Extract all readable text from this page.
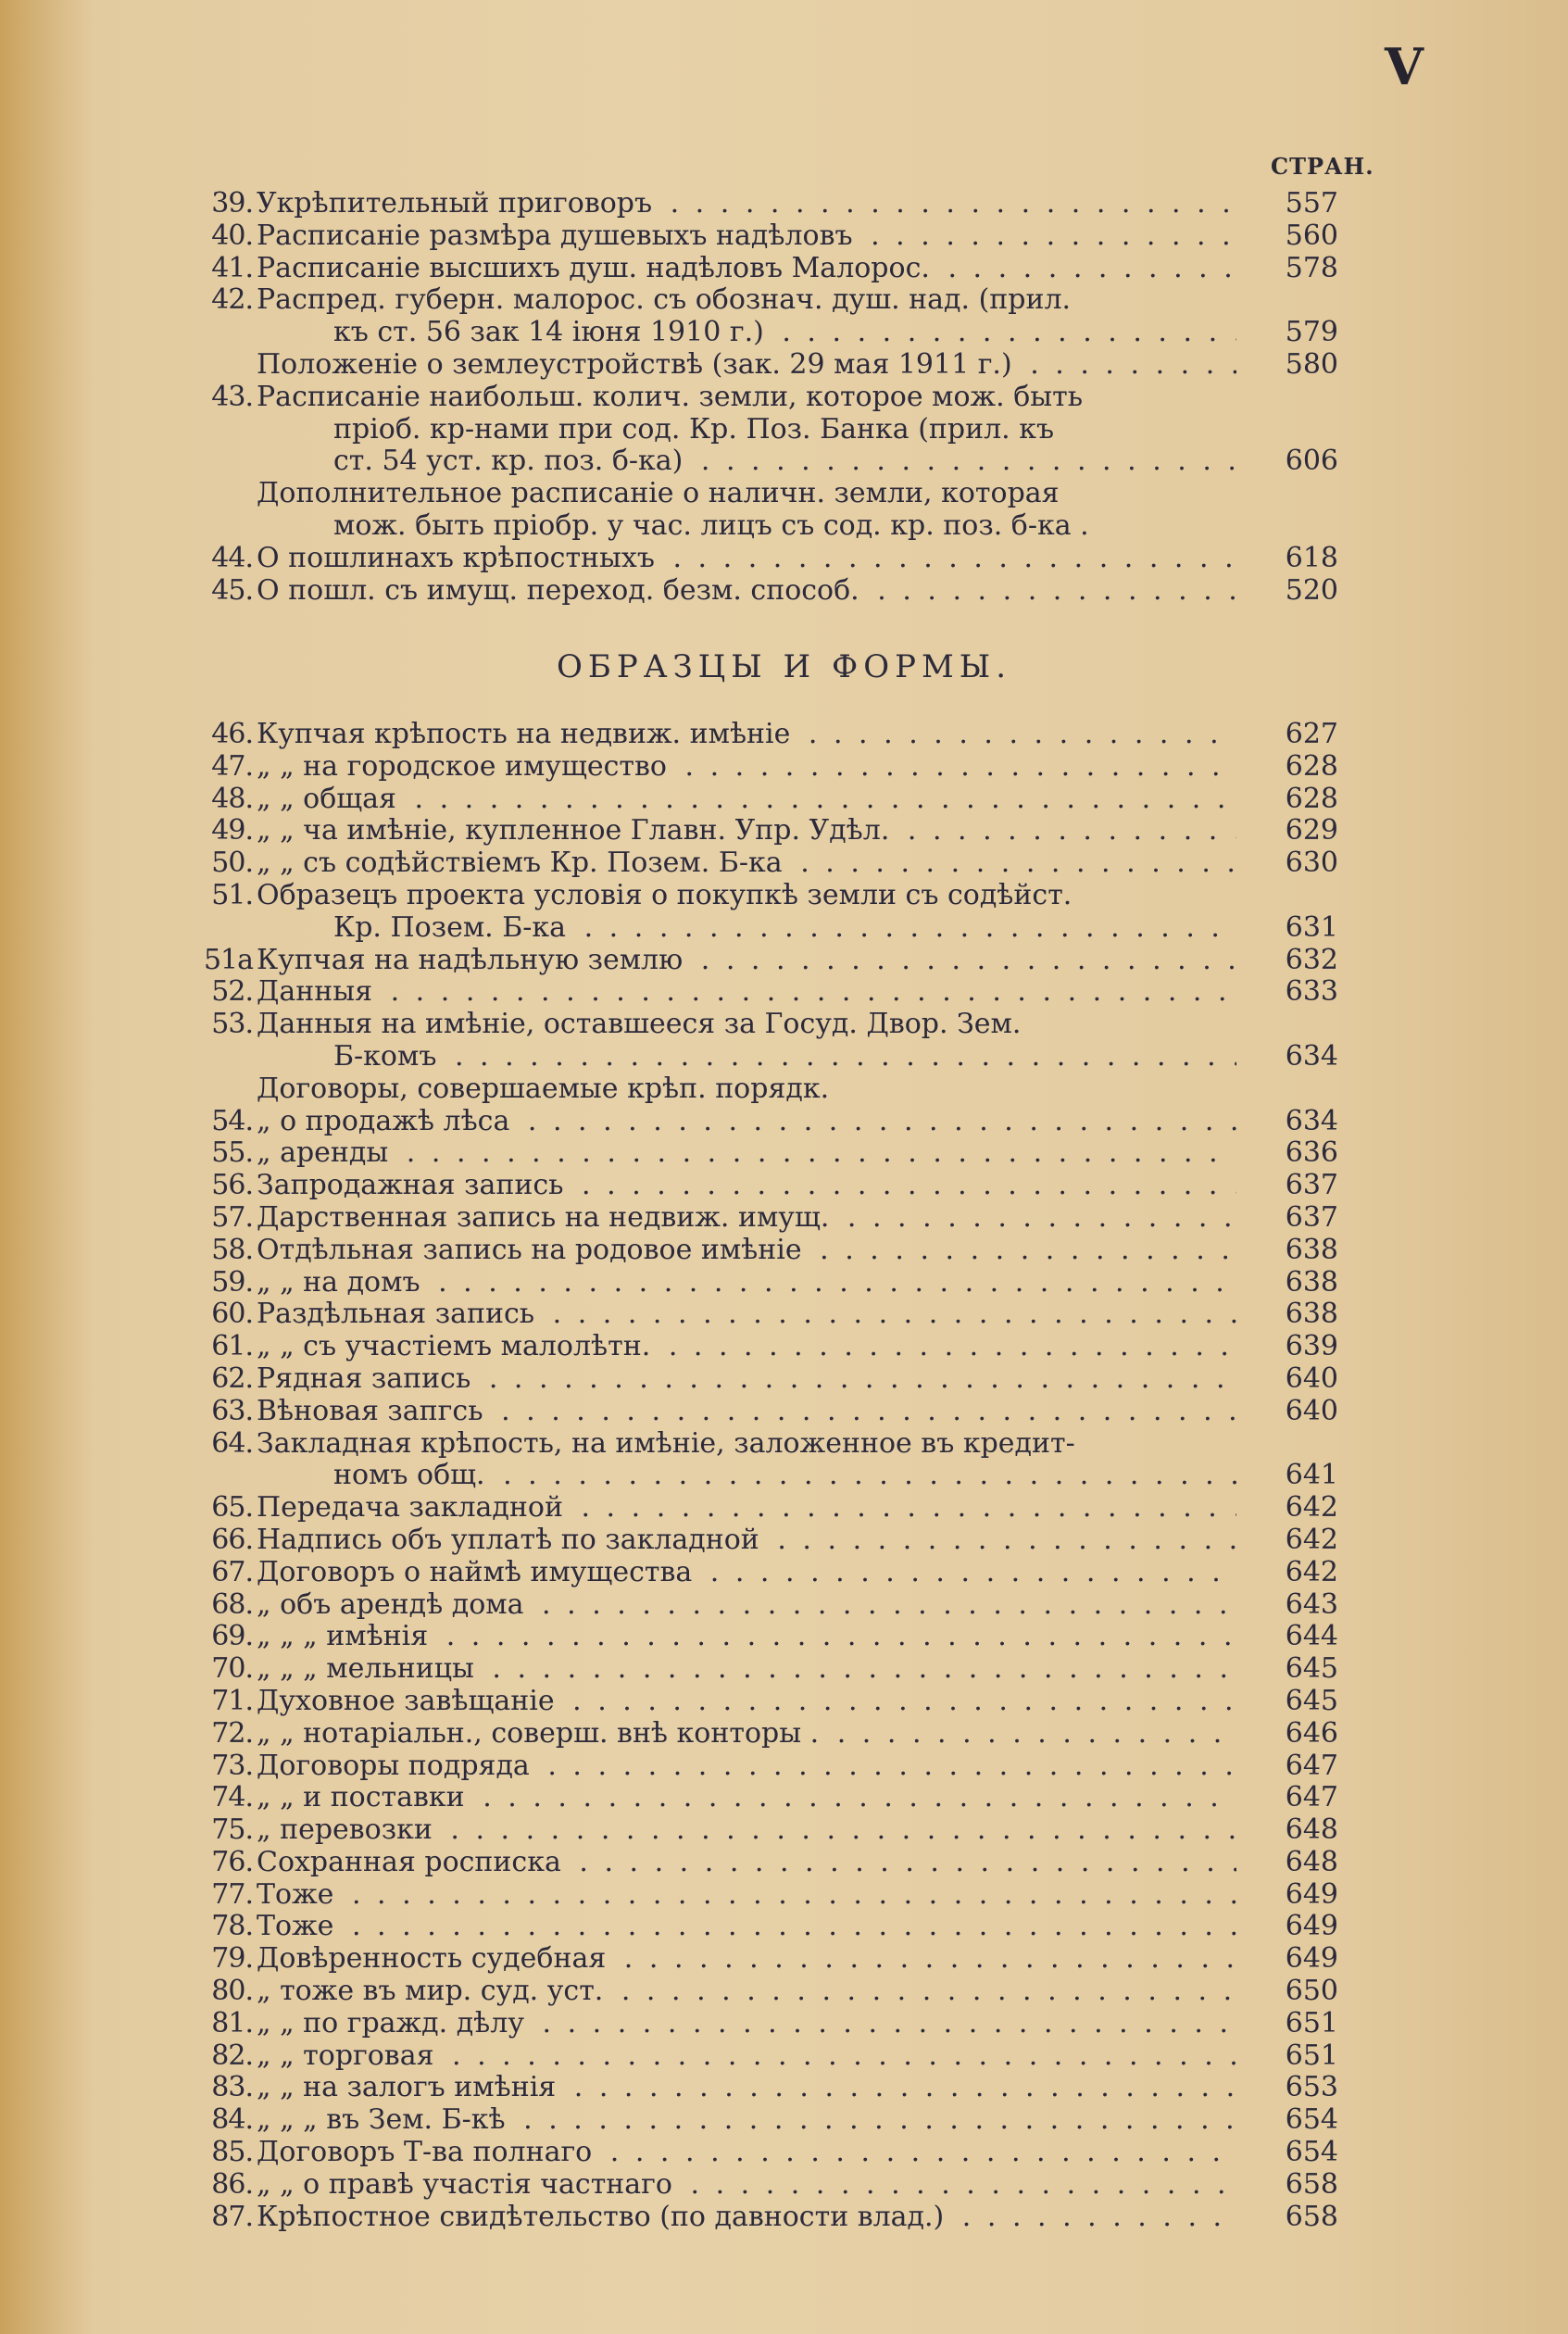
V
СТРАН.
39. Укрѣпительный приговоръ . . .	557
40. Расписаніе размѣра душевыхъ надѣловъ . . .	560
41. Расписаніе высшихъ душ. надѣловъ Малорос. . . .	578
42. Распред. губерн. малорос. съ обознач. душ. над. (прил.
къ ст. 56 зак 14 іюня 1910 г.) . . .	579
Положеніе о землеустройствѣ (зак. 29 мая 1911 г.) . . .	580
43. Расписаніе наибольш. колич. земли, которое мож. быть
пріоб. кр-нами при сод. Кр. Поз. Банка (прил. къ
ст. 54 уст. кр. поз. б-ка) . . .	606
Дополнительное расписаніе о наличн. земли, которая
мож. быть пріобр. у час. лицъ съ сод. кр. поз. б-ка .
44. О пошлинахъ крѣпостныхъ . . .	618
45. О пошл. съ имущ. переход. безм. способ. . . .	520
ОБРАЗЦЫ И ФОРМЫ.
46. Купчая крѣпость на недвиж. имѣніе . . .	627
47. „ „ на городское имущество . . .	628
48. „ „ общая . . .	628
49. „ „ ча имѣніе, купленное Главн. Упр. Удѣл. . . .	629
50. „ „ съ содѣйствіемъ Кр. Позем. Б-ка . . .	630
51. Образецъ проекта условія о покупкѣ земли съ содѣйст.
Кр. Позем. Б-ка . . .	631
51а Купчая на надѣльную землю . . .	632
52. Данныя . . .	633
53. Данныя на имѣніе, оставшееся за Госуд. Двор. Зем.
Б-комъ . . .	634
Договоры, совершаемые крѣп. порядк.
54. „ о продажѣ лѣса . . .	634
55. „ аренды . . .	636
56. Запродажная запись . . .	637
57. Дарственная запись на недвиж. имущ. . . .	637
58. Отдѣльная запись на родовое имѣніе . . .	638
59. „ „ на домъ . . .	638
60. Раздѣльная запись . . .	638
61. „ „ съ участіемъ малолѣтн. . . .	639
62. Рядная запись . . .	640
63. Вѣновая запгсь . . .	640
64. Закладная крѣпость, на имѣніе, заложенное въ кредит-
номъ общ. . . .	641
65. Передача закладной . . .	642
66. Надпись объ уплатѣ по закладной . . .	642
67. Договоръ о наймѣ имущества . . .	642
68. „ объ арендѣ дома . . .	643
69. „ „ „ имѣнія . . .	644
70. „ „ „ мельницы . . .	645
71. Духовное завѣщаніе . . .	645
72. „ „ нотаріальн., соверш. внѣ конторы . . . .	646
73. Договоры подряда . . .	647
74. „ „ и поставки . . .	647
75. „ перевозки . . .	648
76. Сохранная росписка . . .	648
77. Тоже . . .	649
78. Тоже . . .	649
79. Довѣренность судебная . . .	649
80. „ тоже въ мир. суд. уст. . . .	650
81. „ „ по гражд. дѣлу . . .	651
82. „ „ торговая . . .	651
83. „ „ на залогъ имѣнія . . .	653
84. „ „ „ въ Зем. Б-кѣ . . .	654
85. Договоръ Т-ва полнаго . . .	654
86. „ „ о правѣ участія частнаго . . .	658
87. Крѣпостное свидѣтельство (по давности влад.) . . .	658
